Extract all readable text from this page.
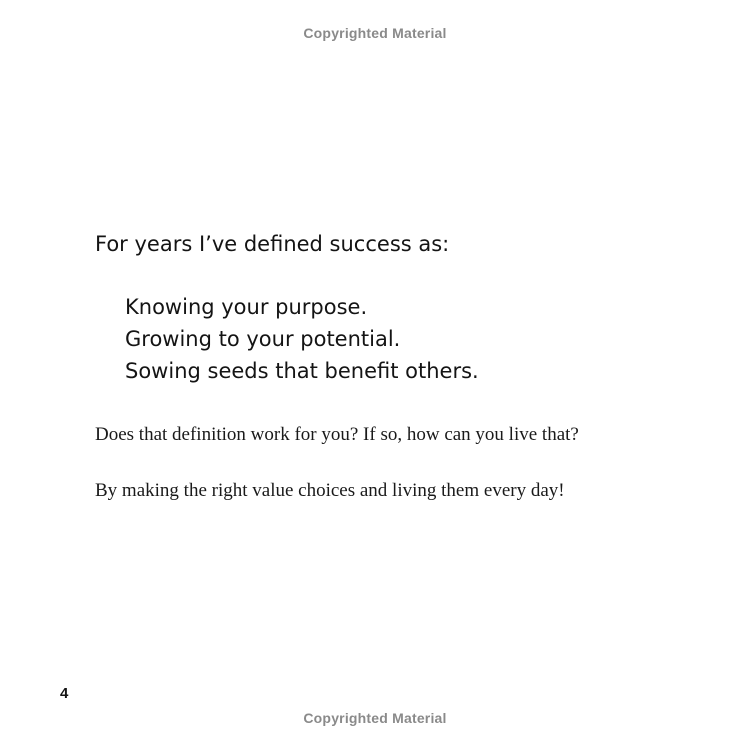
Copyrighted Material
For years I’ve defined success as:
Knowing your purpose.
Growing to your potential.
Sowing seeds that benefit others.

Does that definition work for you? If so, how can you live that?

By making the right value choices and living them every day!

4
Copyrighted Material
